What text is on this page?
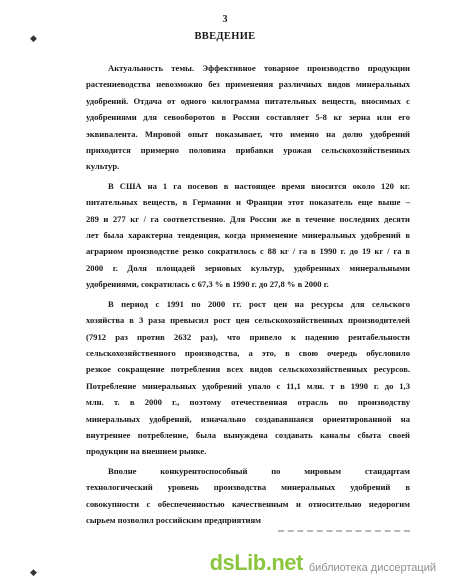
◆
◆
3
ВВЕДЕНИЕ
Актуальность темы. Эффективное товарное производство продукции
растениеводства невозможно без применения различных видов минеральных
удобрений. Отдача от одного килограмма питательных веществ, вносимых с
удобрениями для севооборотов в России составляет 5-8 кг зерна или его
эквивалента. Мировой опыт показывает, что именно на долю удобрений
приходится примерно половина прибавки урожая сельскохозяйственных
культур.
В США на 1 га посевов в настоящее время вносится около 120 кг.
питательных веществ, в Германии и Франции этот показатель еще выше –
289 и 277 кг / га соответственно. Для России же в течение последних десяти
лет была характерна тенденция, когда применение минеральных удобрений в
аграрном производстве резко сократилось с 88 кг / га в 1990 г. до 19 кг / га в
2000 г. Доля площадей зерновых культур, удобренных минеральными
удобрениями, сократилась с 67,3 % в 1990 г. до 27,8 % в 2000 г.
В период с 1991 по 2000 гг. рост цен на ресурсы для сельского
хозяйства в 3 раза превысил рост цен сельскохозяйственных производителей
(7912 раз против 2632 раз), что привело к падению рентабельности
сельскохозяйственного производства, а это, в свою очередь обусловило
резкое сокращение потребления всех видов сельскохозяйственных ресурсов.
Потребление минеральных удобрений упало с 11,1 млн. т в 1990 г. до 1,3
млн. т. в 2000 г., поэтому отечественная отрасль по производству
минеральных удобрений, изначально создававшаяся ориентированной на
внутреннее потребление, была вынуждена создавать каналы сбыта своей
продукции на внешнем рынке.
Вполне конкурентоспособный по мировым стандартам
технологический уровень производства минеральных удобрений в
совокупности с обеспеченностью качественным и относительно недорогим
сырьем позволил российским предприятиям
dsLib.net библиотека диссертаций
